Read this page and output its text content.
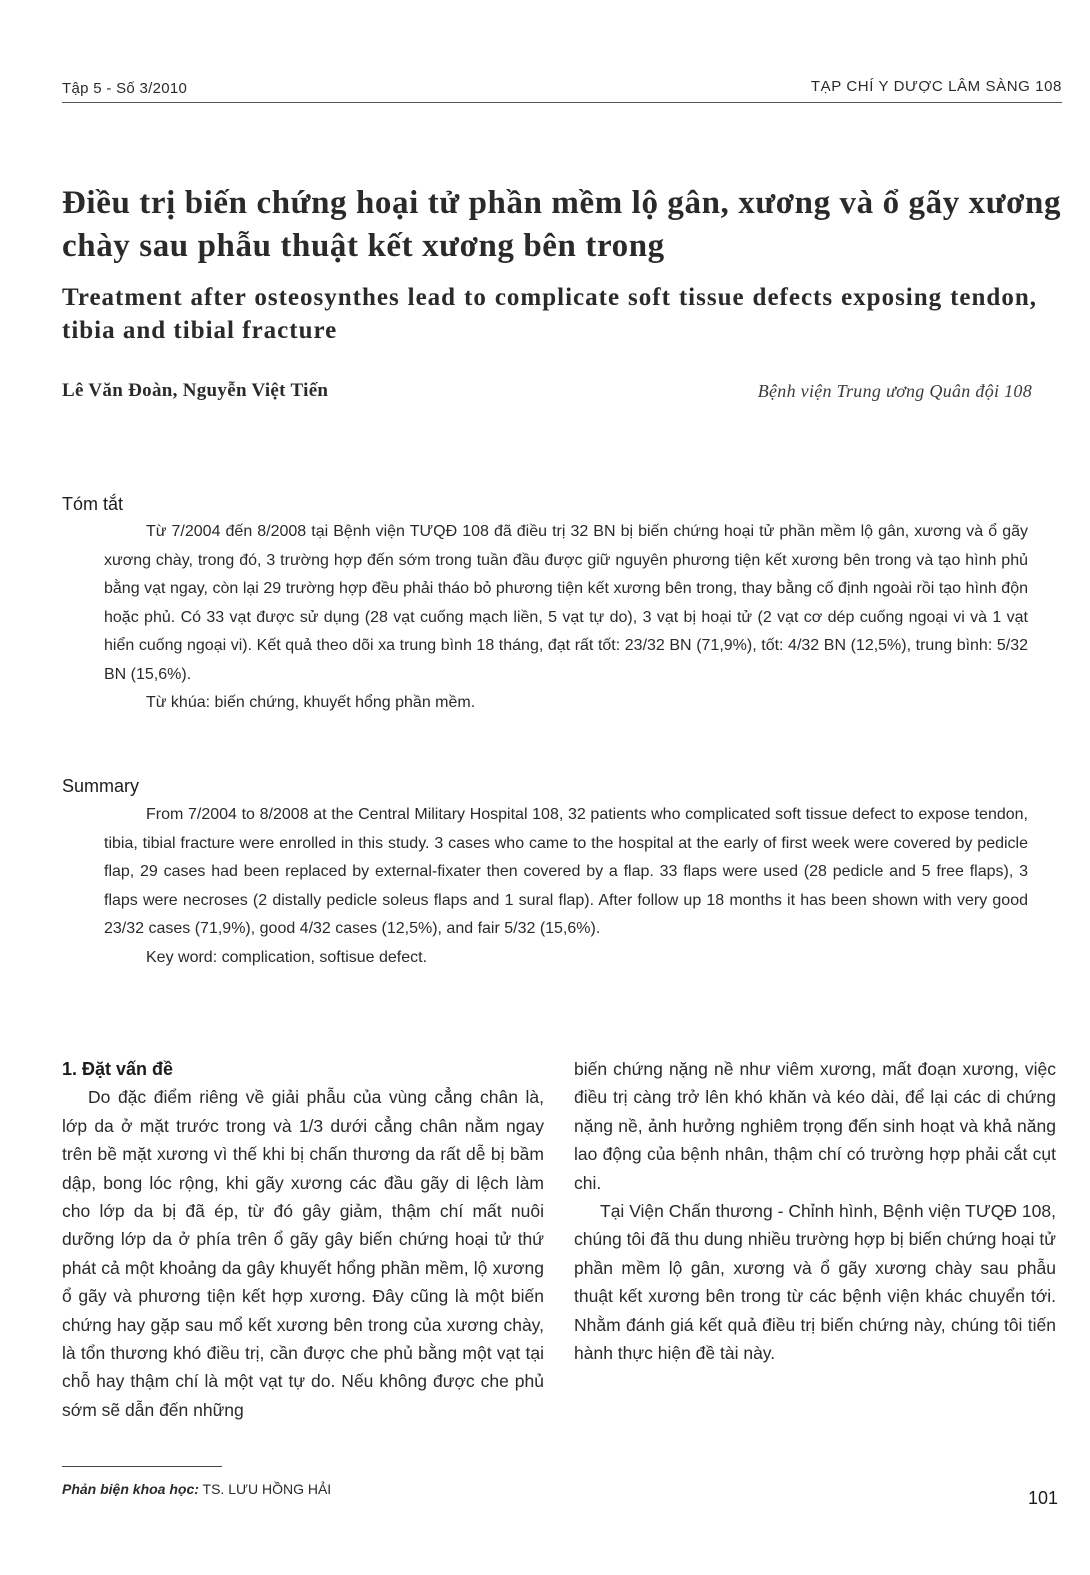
Tập 5 - Số 3/2010	TẠP CHÍ Y DƯỢC LÂM SÀNG 108
Điều trị biến chứng hoại tử phần mềm lộ gân, xương và ổ gãy xương chày sau phẫu thuật kết xương bên trong
Treatment after osteosynthes lead to complicate soft tissue defects exposing tendon, tibia and tibial fracture
Lê Văn Đoàn, Nguyễn Việt Tiến	Bệnh viện Trung ương Quân đội 108
Tóm tắt

Từ 7/2004 đến 8/2008 tại Bệnh viện TƯQĐ 108 đã điều trị 32 BN bị biến chứng hoại tử phần mềm lộ gân, xương và ổ gãy xương chày, trong đó, 3 trường hợp đến sớm trong tuần đầu được giữ nguyên phương tiện kết xương bên trong và tạo hình phủ bằng vạt ngay, còn lại 29 trường hợp đều phải tháo bỏ phương tiện kết xương bên trong, thay bằng cố định ngoài rồi tạo hình độn hoặc phủ. Có 33 vạt được sử dụng (28 vạt cuống mạch liền, 5 vạt tự do), 3 vạt bị hoại tử (2 vạt cơ dép cuống ngoại vi và 1 vạt hiển cuống ngoại vi). Kết quả theo dõi xa trung bình 18 tháng, đạt rất tốt: 23/32 BN (71,9%), tốt: 4/32 BN (12,5%), trung bình: 5/32 BN (15,6%).

Từ khúa: biến chứng, khuyết hổng phần mềm.

Summary

From 7/2004 to 8/2008 at the Central Military Hospital 108, 32 patients who complicated soft tissue defect to expose tendon, tibia, tibial fracture were enrolled in this study. 3 cases who came to the hospital at the early of first week were covered by pedicle flap, 29 cases had been replaced by external-fixater then covered by a flap. 33 flaps were used (28 pedicle and 5 free flaps), 3 flaps were necroses (2 distally pedicle soleus flaps and 1 sural flap). After follow up 18 months it has been shown with very good 23/32 cases (71,9%), good 4/32 cases (12,5%), and fair 5/32 (15,6%).

Key word: complication, softisue defect.

1. Đặt vấn đề

Do đặc điểm riêng về giải phẫu của vùng cẳng chân là, lớp da ở mặt trước trong và 1/3 dưới cẳng chân nằm ngay trên bề mặt xương vì thế khi bị chấn thương da rất dễ bị bầm dập, bong lóc rộng, khi gãy xương các đầu gãy di lệch làm cho lớp da bị đã ép, từ đó gây giảm, thậm chí mất nuôi dưỡng lớp da ở phía trên ổ gãy gây biến chứng hoại tử thứ phát cả một khoảng da gây khuyết hổng phần mềm, lộ xương ổ gãy và phương tiện kết hợp xương. Đây cũng là một biến chứng hay gặp sau mổ kết xương bên trong của xương chày, là tổn thương khó điều trị, cần được che phủ bằng một vạt tại chỗ hay thậm chí là một vạt tự do. Nếu không được che phủ sớm sẽ dẫn đến những

biến chứng nặng nề như viêm xương, mất đoạn xương, việc điều trị càng trở lên khó khăn và kéo dài, để lại các di chứng nặng nề, ảnh hưởng nghiêm trọng đến sinh hoạt và khả năng lao động của bệnh nhân, thậm chí có trường hợp phải cắt cụt chi.

Tại Viện Chấn thương - Chỉnh hình, Bệnh viện TƯQĐ 108, chúng tôi đã thu dung nhiều trường hợp bị biến chứng hoại tử phần mềm lộ gân, xương và ổ gãy xương chày sau phẫu thuật kết xương bên trong từ các bệnh viện khác chuyển tới. Nhằm đánh giá kết quả điều trị biến chứng này, chúng tôi tiến hành thực hiện đề tài này.

Phản biện khoa học: TS. LƯU HỒNG HẢI	101
